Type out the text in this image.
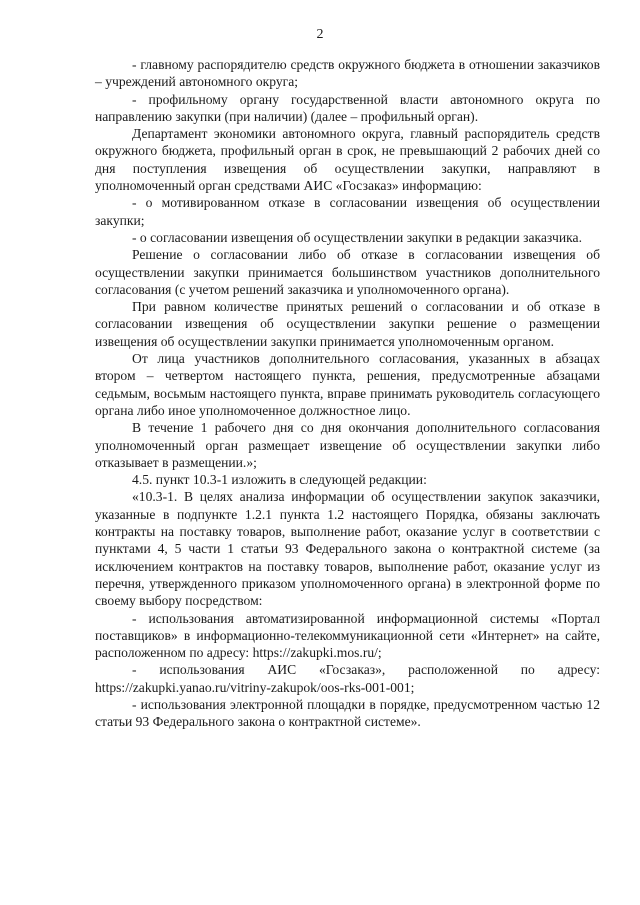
2

- главному распорядителю средств окружного бюджета в отношении заказчиков – учреждений автономного округа;

- профильному органу государственной власти автономного округа по направлению закупки (при наличии) (далее – профильный орган).

Департамент экономики автономного округа, главный распорядитель средств окружного бюджета, профильный орган в срок, не превышающий 2 рабочих дней со дня поступления извещения об осуществлении закупки, направляют в уполномоченный орган средствами АИС «Госзаказ» информацию:

- о мотивированном отказе в согласовании извещения об осуществлении закупки;

- о согласовании извещения об осуществлении закупки в редакции заказчика.

Решение о согласовании либо об отказе в согласовании извещения об осуществлении закупки принимается большинством участников дополнительного согласования (с учетом решений заказчика и уполномоченного органа).

При равном количестве принятых решений о согласовании и об отказе в согласовании извещения об осуществлении закупки решение о размещении извещения об осуществлении закупки принимается уполномоченным органом.

От лица участников дополнительного согласования, указанных в абзацах втором – четвертом настоящего пункта, решения, предусмотренные абзацами седьмым, восьмым настоящего пункта, вправе принимать руководитель согласующего органа либо иное уполномоченное должностное лицо.

В течение 1 рабочего дня со дня окончания дополнительного согласования уполномоченный орган размещает извещение об осуществлении закупки либо отказывает в размещении.»;

4.5. пункт 10.3-1 изложить в следующей редакции:

«10.3-1. В целях анализа информации об осуществлении закупок заказчики, указанные в подпункте 1.2.1 пункта 1.2 настоящего Порядка, обязаны заключать контракты на поставку товаров, выполнение работ, оказание услуг в соответствии с пунктами 4, 5 части 1 статьи 93 Федерального закона о контрактной системе (за исключением контрактов на поставку товаров, выполнение работ, оказание услуг из перечня, утвержденного приказом уполномоченного органа) в электронной форме по своему выбору посредством:

- использования автоматизированной информационной системы «Портал поставщиков» в информационно-телекоммуникационной сети «Интернет» на сайте, расположенном по адресу: https://zakupki.mos.ru/;

- использования АИС «Госзаказ», расположенной по адресу: https://zakupki.yanao.ru/vitriny-zakupok/oos-rks-001-001;

- использования электронной площадки в порядке, предусмотренном частью 12 статьи 93 Федерального закона о контрактной системе».
